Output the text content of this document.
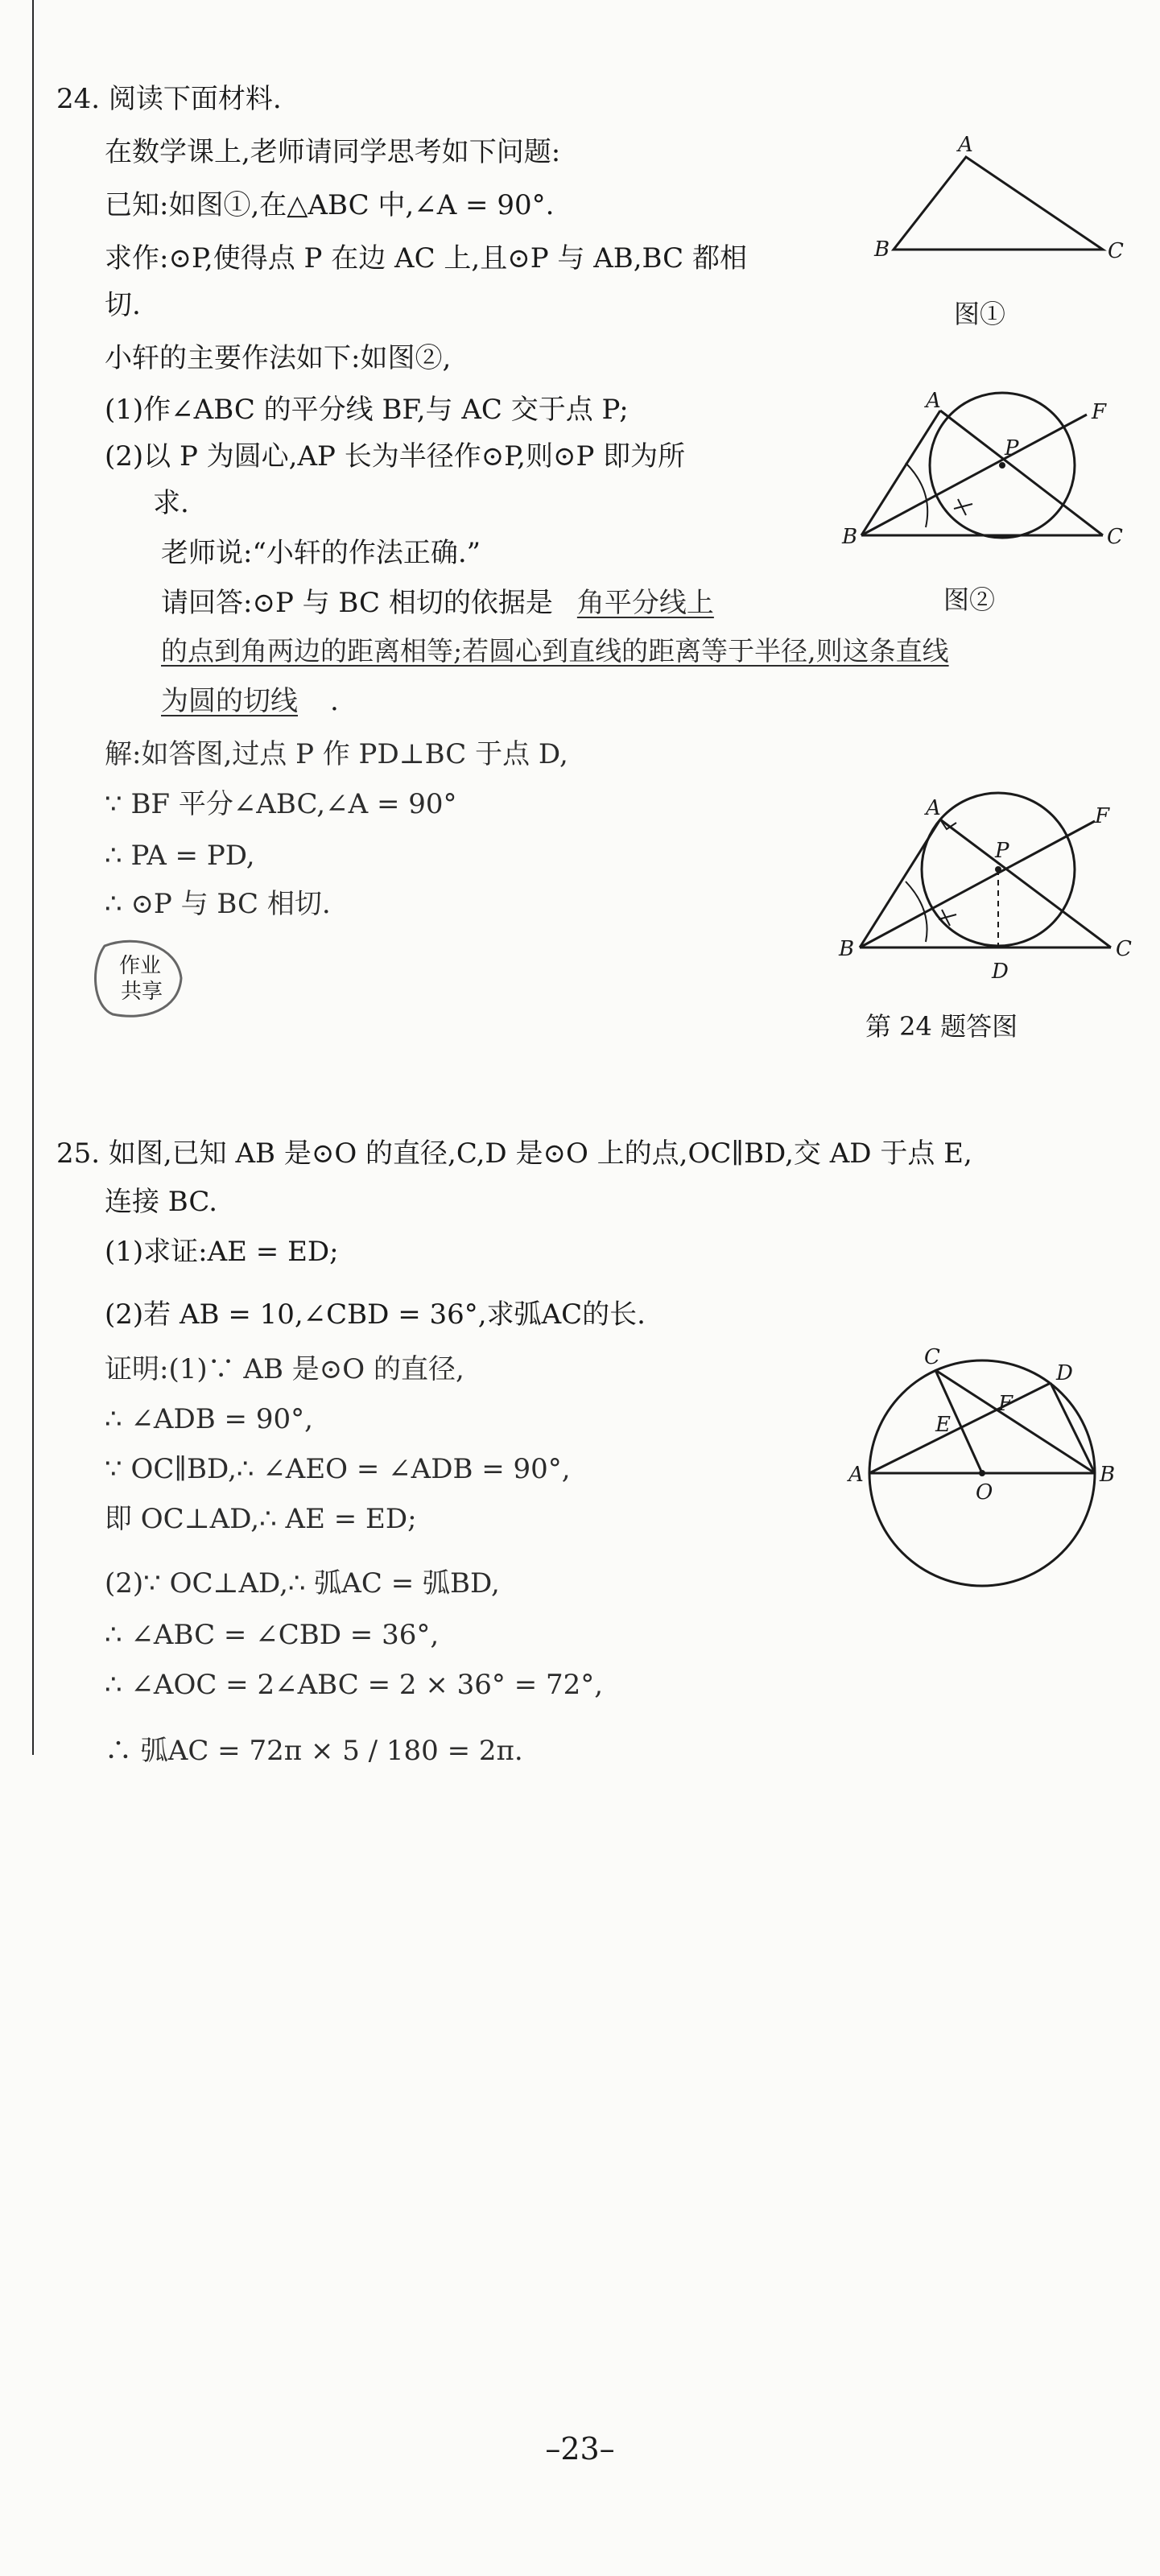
24. 阅读下面材料.
在数学课上,老师请同学思考如下问题:
已知:如图①,在△ABC 中,∠A = 90°.
求作:⊙P,使得点 P 在边 AC 上,且⊙P 与 AB,BC 都相
切.
小轩的主要作法如下:如图②,
(1)作∠ABC 的平分线 BF,与 AC 交于点 P;
(2)以 P 为圆心,AP 长为半径作⊙P,则⊙P 即为所
求.
老师说:“小轩的作法正确.”
请回答:⊙P 与 BC 相切的依据是 角平分线上
的点到角两边的距离相等;若圆心到直线的距离等于半径,则这条直线
为圆的切线 .
解:如答图,过点 P 作 PD⊥BC 于点 D,
∵ BF 平分∠ABC,∠A = 90°
∴ PA = PD,
∴ ⊙P 与 BC 相切.
作业
共享
A
B	C
图①
A
B	C
P
F
图②
A
B	C
D
P
F
第 24 题答图
25. 如图,已知 AB 是⊙O 的直径,C,D 是⊙O 上的点,OC∥BD,交 AD 于点 E,
连接 BC.
(1)求证:AE = ED;
(2)若 AB = 10,∠CBD = 36°,求弧AC的长.
证明:(1)∵ AB 是⊙O 的直径,
∴ ∠ADB = 90°,
∵ OC∥BD,∴ ∠AEO = ∠ADB = 90°,
即 OC⊥AD,∴ AE = ED;
(2)∵ OC⊥AD,∴ 弧AC = 弧BD,
∴ ∠ABC = ∠CBD = 36°,
∴ ∠AOC = 2∠ABC = 2 × 36° = 72°,
∴ 弧AC = 72π × 5 / 180 = 2π.
C
D
F
E
A	B
O
–23–
